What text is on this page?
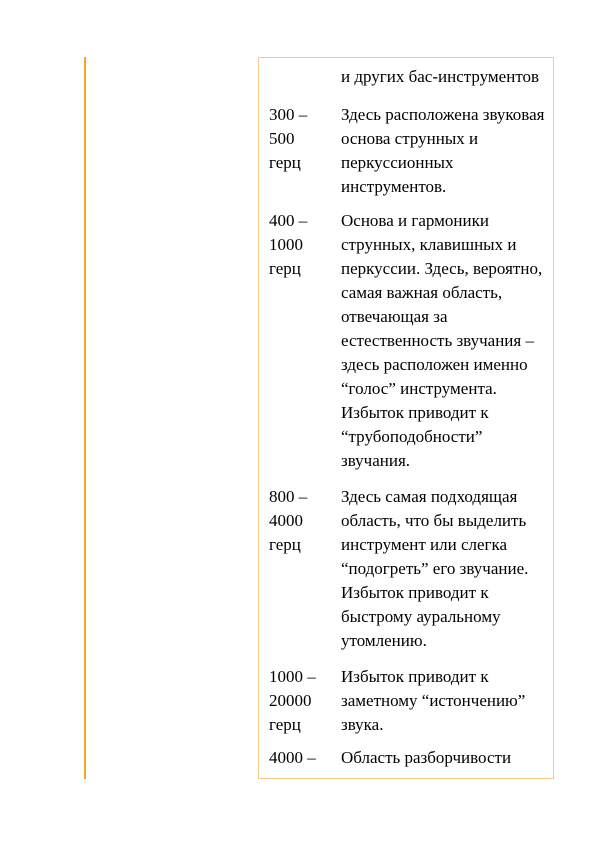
и других бас-инструментов
300 –
500
герц
Здесь расположена звуковая
основа струнных и
перкуссионных
инструментов.
400 –
1000
герц
Основа и гармоники
струнных, клавишных и
перкуссии. Здесь, вероятно,
самая важная область,
отвечающая за
естественность звучания –
здесь расположен именно
“голос” инструмента.
Избыток приводит к
“трубоподобности”
звучания.
800 –
4000
герц
Здесь самая подходящая
область, что бы выделить
инструмент или слегка
“подогреть” его звучание.
Избыток приводит к
быстрому ауральному
утомлению.
1000 –
20000
герц
Избыток приводит к
заметному “истончению”
звука.
4000 –	Область разборчивости
